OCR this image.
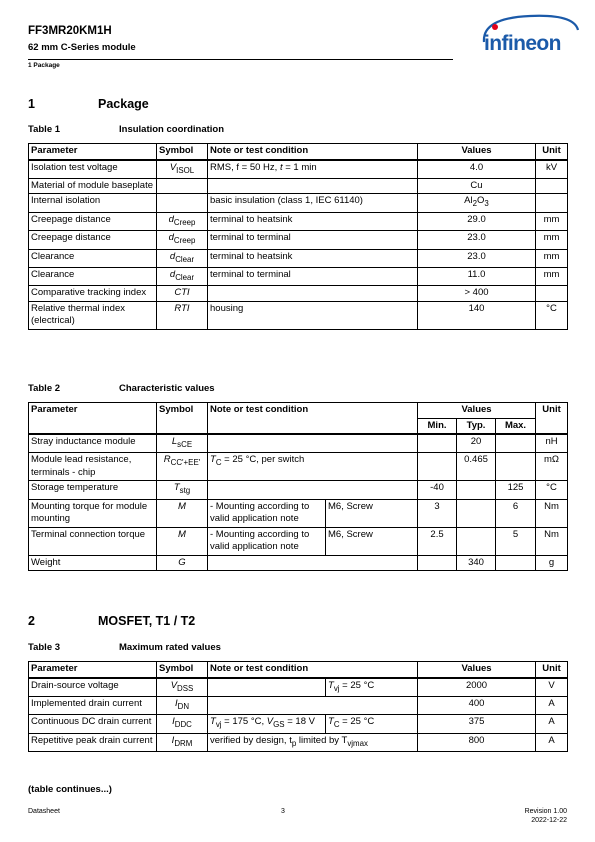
FF3MR20KM1H
62 mm C-Series module
1 Package
infineon
1	Package
Table 1	Insulation coordination
Parameter	Symbol	Note or test condition	Values	Unit
Isolation test voltage	$V_{ISOL}$	RMS, f = 50 Hz, t = 1 min	4.0	kV
Material of module baseplate			Cu	
Internal isolation		basic insulation (class 1, IEC 61140)	$Al_2O_3$	
Creepage distance	$d_{Creep}$	terminal to heatsink	29.0	mm
Creepage distance	$d_{Creep}$	terminal to terminal	23.0	mm
Clearance	$d_{Clear}$	terminal to heatsink	23.0	mm
Clearance	$d_{Clear}$	terminal to terminal	11.0	mm
Comparative tracking index	CTI		> 400	
Relative thermal index (electrical)	RTI	housing	140	°C
Table 2	Characteristic values
Parameter	Symbol	Note or test condition		Values			Unit
				Min.	Typ.	Max.	
Stray inductance module	$L_{sCE}$				20		nH
Module lead resistance, terminals - chip	$R_{CC'+EE'}$	$T_C = 25$ °C, per switch			0.465		mΩ
Storage temperature	$T_{stg}$			-40		125	°C
Mounting torque for module mounting	M	- Mounting according to valid application note	M6, Screw	3		6	Nm
Terminal connection torque	M	- Mounting according to valid application note	M6, Screw	2.5		5	Nm
Weight	G				340		g
2	MOSFET, T1 / T2
Table 3	Maximum rated values
Parameter	Symbol	Note or test condition		Values	Unit
Drain-source voltage	$V_{DSS}$		$T_{vj} = 25$ °C	2000	V
Implemented drain current	$I_{DN}$			400	A
Continuous DC drain current	$I_{DDC}$	$T_{vj} = 175$ °C, $V_{GS} = 18$ V	$T_C = 25$ °C	375	A
Repetitive peak drain current	$I_{DRM}$	verified by design, $t_p$ limited by $T_{vjmax}$		800	A
(table continues...)
Datasheet	3	Revision 1.00
2022-12-22
